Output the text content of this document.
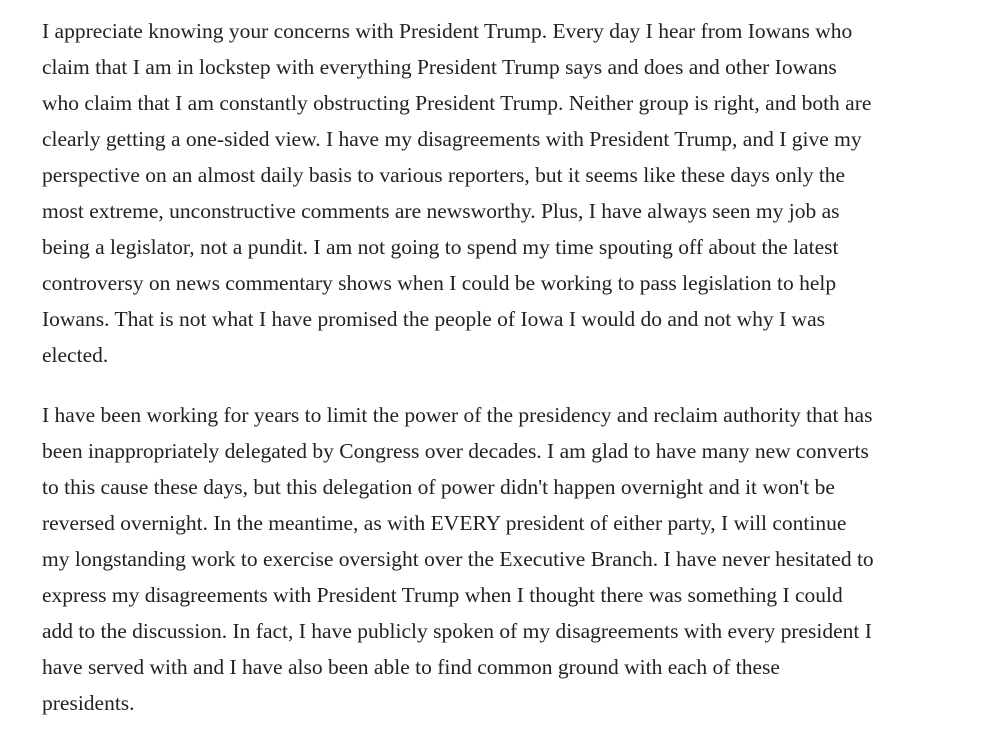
I appreciate knowing your concerns with President Trump. Every day I hear from Iowans who
claim that I am in lockstep with everything President Trump says and does and other Iowans
who claim that I am constantly obstructing President Trump. Neither group is right, and both are
clearly getting a one-sided view. I have my disagreements with President Trump, and I give my
perspective on an almost daily basis to various reporters, but it seems like these days only the
most extreme, unconstructive comments are newsworthy. Plus, I have always seen my job as
being a legislator, not a pundit. I am not going to spend my time spouting off about the latest
controversy on news commentary shows when I could be working to pass legislation to help
Iowans. That is not what I have promised the people of Iowa I would do and not why I was
elected.

I have been working for years to limit the power of the presidency and reclaim authority that has
been inappropriately delegated by Congress over decades. I am glad to have many new converts
to this cause these days, but this delegation of power didn't happen overnight and it won't be
reversed overnight. In the meantime, as with EVERY president of either party, I will continue
my longstanding work to exercise oversight over the Executive Branch. I have never hesitated to
express my disagreements with President Trump when I thought there was something I could
add to the discussion. In fact, I have publicly spoken of my disagreements with every president I
have served with and I have also been able to find common ground with each of these
presidents.
